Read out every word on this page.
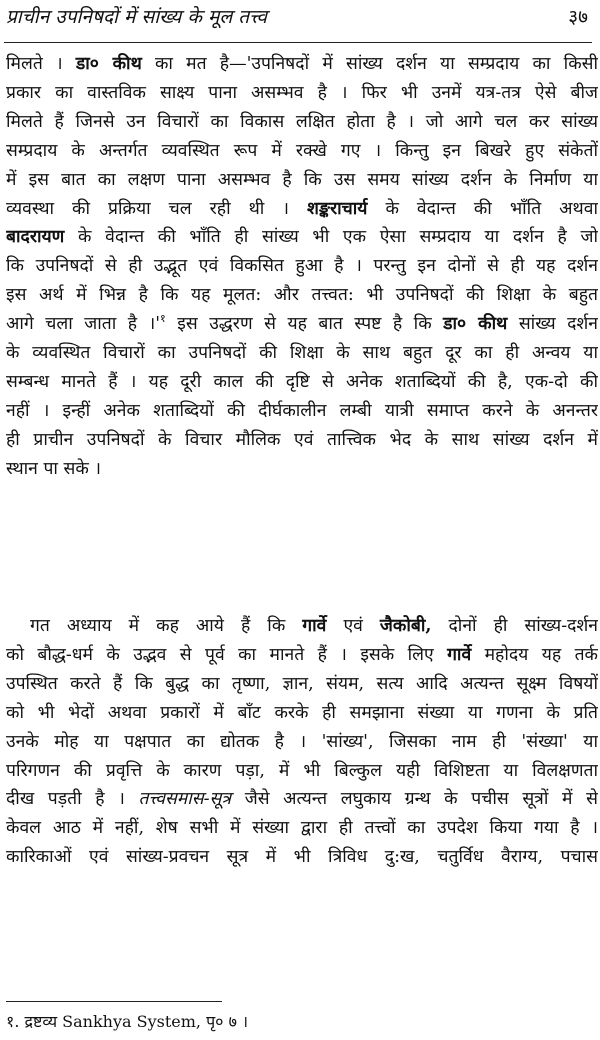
प्राचीन उपनिषदों में सांख्य के मूल तत्त्व	३७
मिलते । डा० कीथ का मत है—'उपनिषदों में सांख्य दर्शन या सम्प्रदाय का किसी
प्रकार का वास्तविक साक्ष्य पाना असम्भव है । फिर भी उनमें यत्र-तत्र ऐसे बीज
मिलते हैं जिनसे उन विचारों का विकास लक्षित होता है । जो आगे चल कर सांख्य
सम्प्रदाय के अन्तर्गत व्यवस्थित रूप में रक्खे गए । किन्तु इन बिखरे हुए संकेतों
में इस बात का लक्षण पाना असम्भव है कि उस समय सांख्य दर्शन के निर्माण या
व्यवस्था की प्रक्रिया चल रही थी । शङ्कराचार्य के वेदान्त की भाँति अथवा
बादरायण के वेदान्त की भाँति ही सांख्य भी एक ऐसा सम्प्रदाय या दर्शन है जो
कि उपनिषदों से ही उद्भूत एवं विकसित हुआ है । परन्तु इन दोनों से ही यह दर्शन
इस अर्थ में भिन्न है कि यह मूलत: और तत्त्वत: भी उपनिषदों की शिक्षा के बहुत
आगे चला जाता है $।'^१$ इस उद्धरण से यह बात स्पष्ट है कि डा० कीथ सांख्य दर्शन
के व्यवस्थित विचारों का उपनिषदों की शिक्षा के साथ बहुत दूर का ही अन्वय या
सम्बन्ध मानते हैं । यह दूरी काल की दृष्टि से अनेक शताब्दियों की है, एक-दो की
नहीं । इन्हीं अनेक शताब्दियों की दीर्घकालीन लम्बी यात्री समाप्त करने के अनन्तर
ही प्राचीन उपनिषदों के विचार मौलिक एवं तात्त्विक भेद के साथ सांख्य दर्शन में
स्थान पा सके ।
गत अध्याय में कह आये हैं कि गार्वे एवं जैकोबी, दोनों ही सांख्य-दर्शन
को बौद्ध-धर्म के उद्भव से पूर्व का मानते हैं । इसके लिए गार्वे महोदय यह तर्क
उपस्थित करते हैं कि बुद्ध का तृष्णा, ज्ञान, संयम, सत्य आदि अत्यन्त सूक्ष्म विषयों
को भी भेदों अथवा प्रकारों में बाँट करके ही समझाना संख्या या गणना के प्रति
उनके मोह या पक्षपात का द्योतक है । 'सांख्य', जिसका नाम ही 'संख्या' या
परिगणन की प्रवृत्ति के कारण पड़ा, में भी बिल्कुल यही विशिष्टता या विलक्षणता
दीख पड़ती है । तत्त्वसमास-सूत्र जैसे अत्यन्त लघुकाय ग्रन्थ के पचीस सूत्रों में से
केवल आठ में नहीं, शेष सभी में संख्या द्वारा ही तत्त्वों का उपदेश किया गया है ।
कारिकाओं एवं सांख्य-प्रवचन सूत्र में भी त्रिविध दु:ख, चतुर्विध वैराग्य, पचास
१. द्रष्टव्य Sankhya System, पृ० ७ ।
